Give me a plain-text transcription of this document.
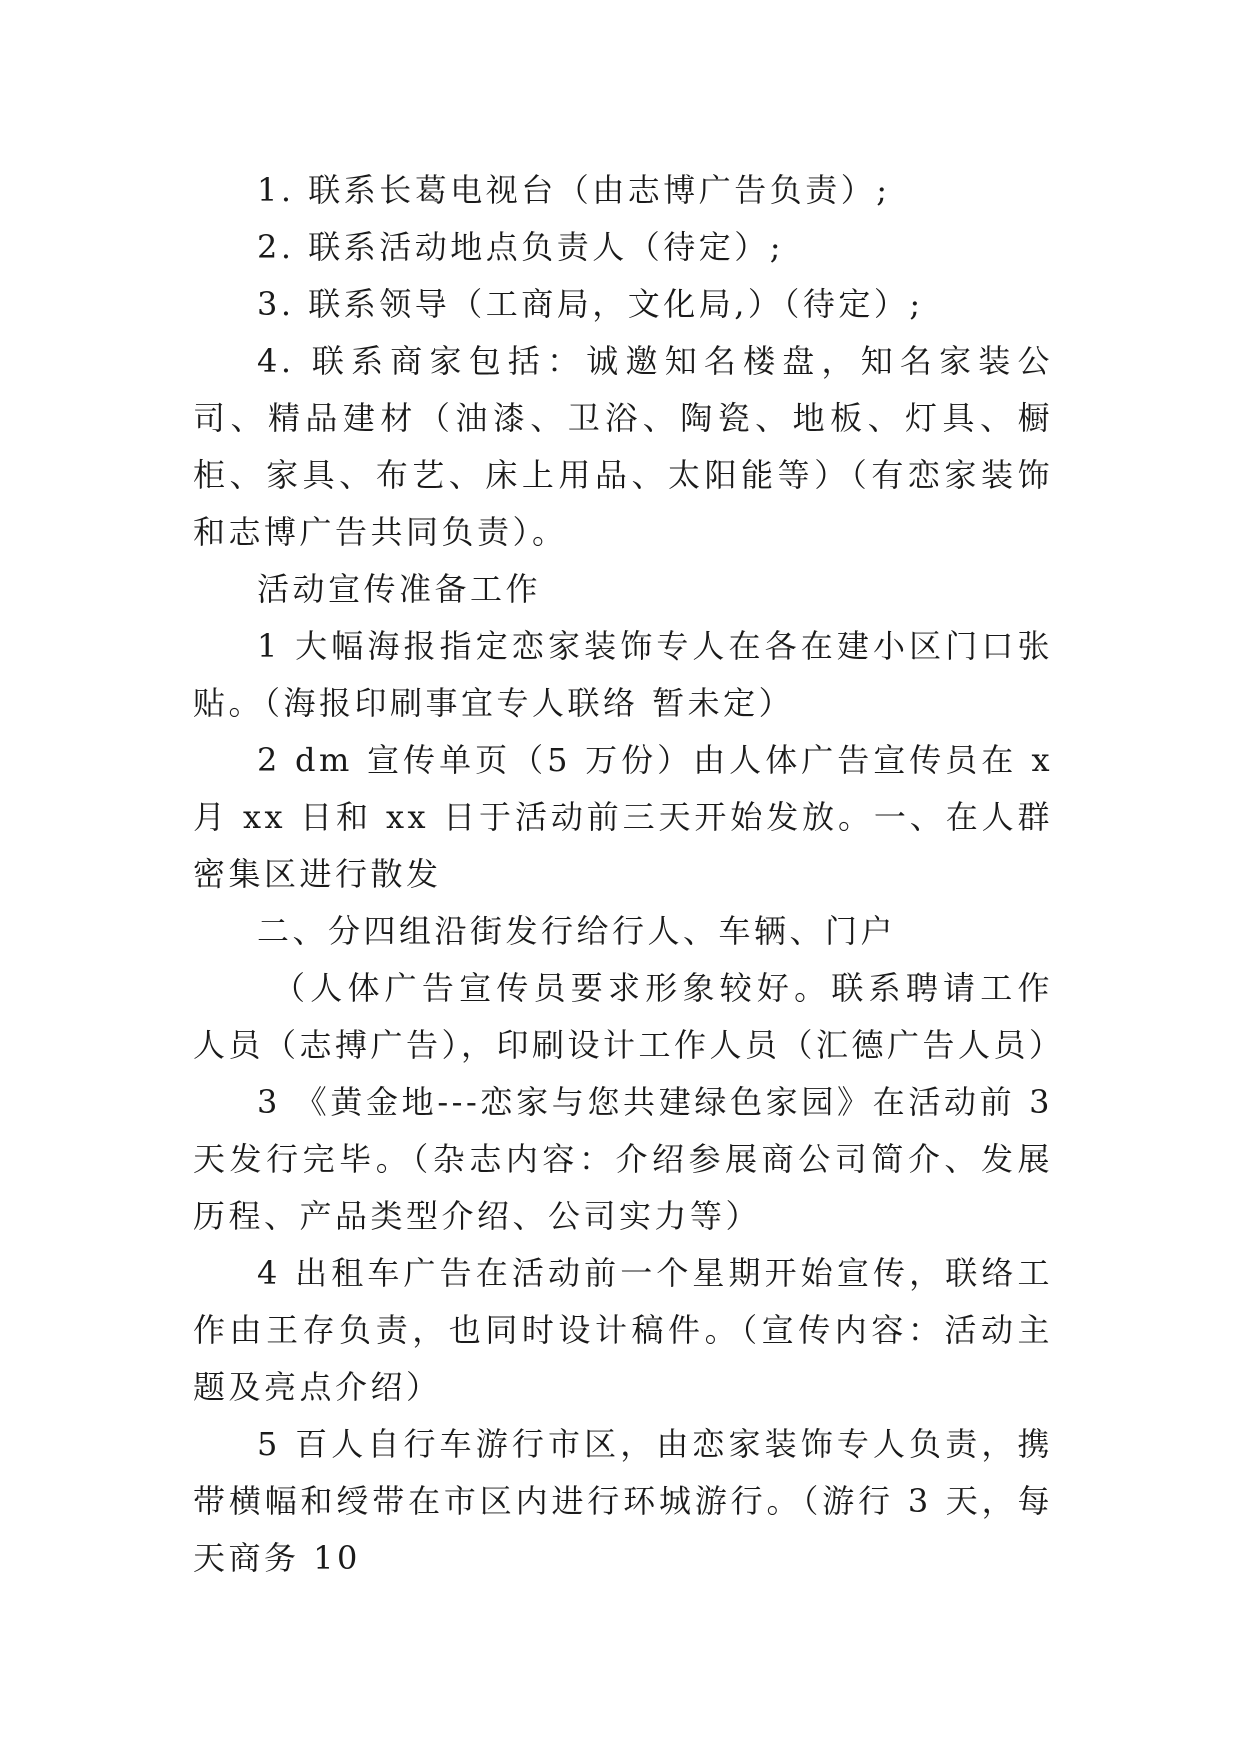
1. 联系长葛电视台（由志博广告负责）;

2. 联系活动地点负责人（待定）;

3. 联系领导（工商局，文化局,）（待定）;

4. 联系商家包括：诚邀知名楼盘，知名家装公司、精品建材（油漆、卫浴、陶瓷、地板、灯具、橱柜、家具、布艺、床上用品、太阳能等）（有恋家装饰和志博广告共同负责）。

活动宣传准备工作

1 大幅海报指定恋家装饰专人在各在建小区门口张贴。（海报印刷事宜专人联络 暂未定）

2 dm 宣传单页（5 万份）由人体广告宣传员在 x 月 xx 日和 xx 日于活动前三天开始发放。一、在人群密集区进行散发

二、分四组沿街发行给行人、车辆、门户

（人体广告宣传员要求形象较好。联系聘请工作人员（志搏广告），印刷设计工作人员（汇德广告人员）

3 《黄金地---恋家与您共建绿色家园》在活动前 3 天发行完毕。（杂志内容：介绍参展商公司简介、发展历程、产品类型介绍、公司实力等）

4 出租车广告在活动前一个星期开始宣传，联络工作由王存负责，也同时设计稿件。（宣传内容：活动主题及亮点介绍）

5 百人自行车游行市区，由恋家装饰专人负责，携带横幅和绶带在市区内进行环城游行。（游行 3 天，每天商务 10
